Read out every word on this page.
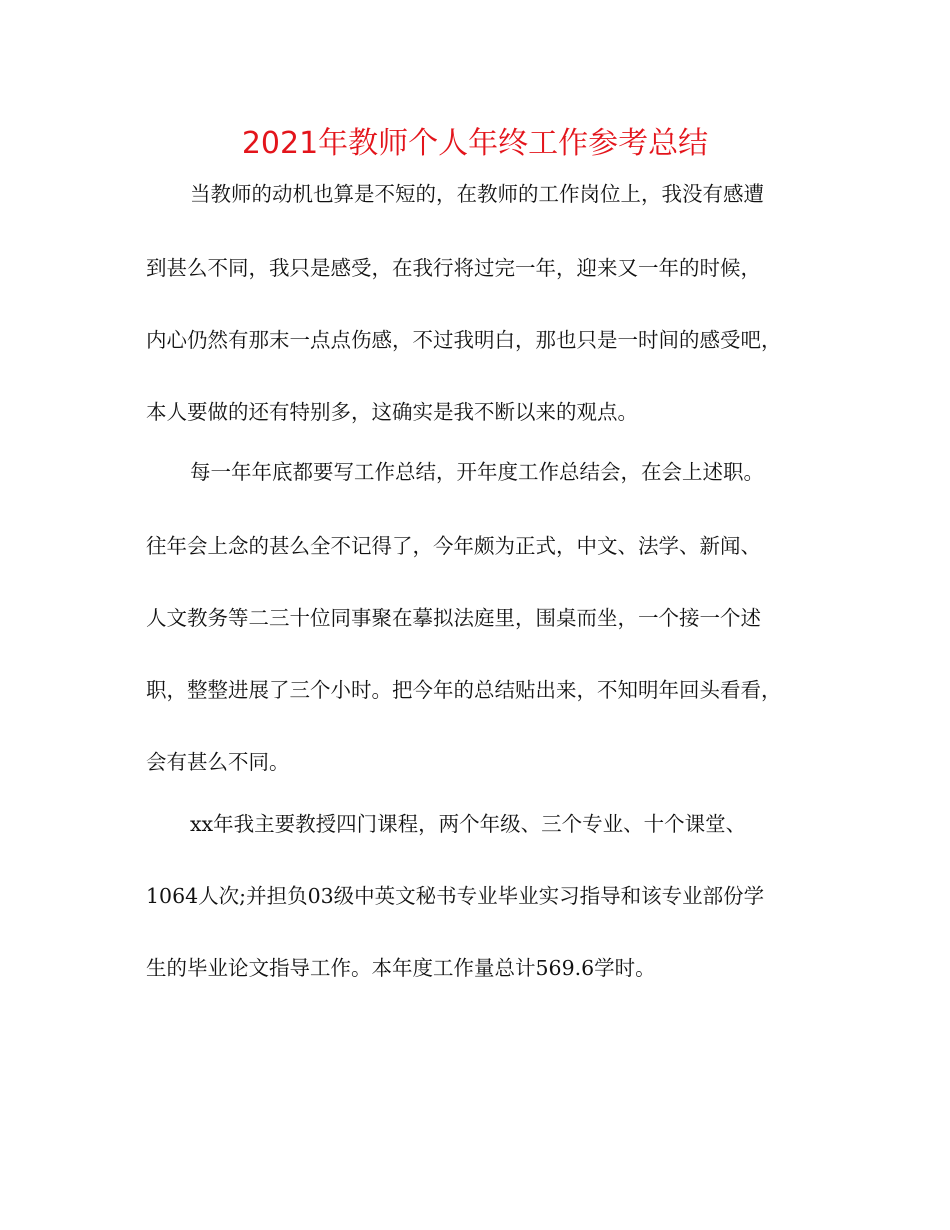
2021年教师个人年终工作参考总结
当教师的动机也算是不短的，在教师的工作岗位上，我没有感遭
到甚么不同，我只是感受，在我行将过完一年，迎来又一年的时候，
内心仍然有那末一点点伤感，不过我明白，那也只是一时间的感受吧，
本人要做的还有特别多，这确实是我不断以来的观点。
每一年年底都要写工作总结，开年度工作总结会，在会上述职。
往年会上念的甚么全不记得了，今年颇为正式，中文、法学、新闻、
人文教务等二三十位同事聚在摹拟法庭里，围桌而坐，一个接一个述
职，整整进展了三个小时。把今年的总结贴出来，不知明年回头看看，
会有甚么不同。
xx年我主要教授四门课程，两个年级、三个专业、十个课堂、
1064人次;并担负03级中英文秘书专业毕业实习指导和该专业部份学
生的毕业论文指导工作。本年度工作量总计569.6学时。
